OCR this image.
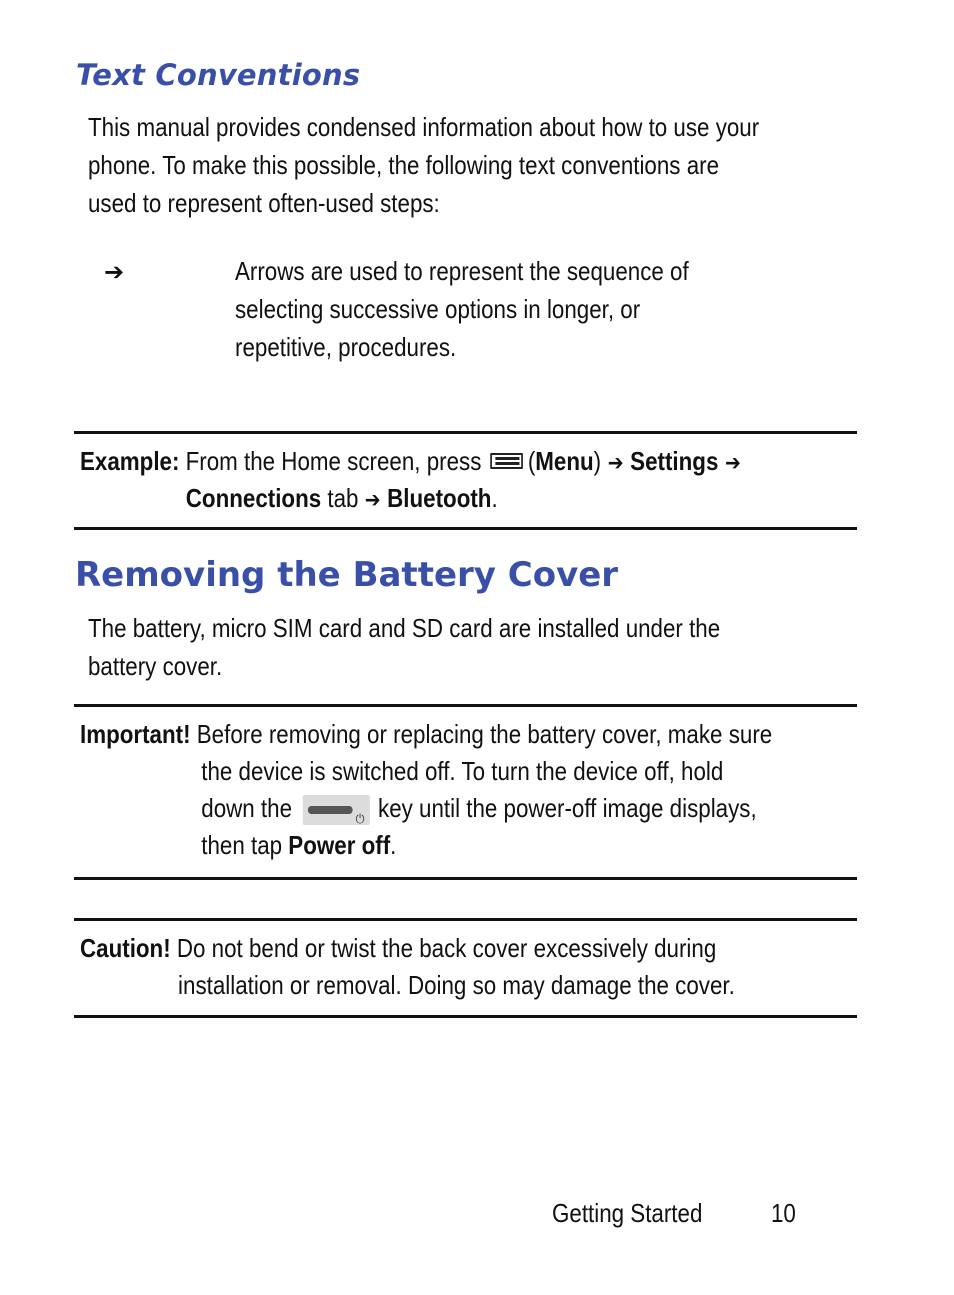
Text Conventions

This manual provides condensed information about how to use your

phone. To make this possible, the following text conventions are

used to represent often-used steps:

➔	Arrows are used to represent the sequence of

selecting successive options in longer, or

repetitive, procedures.

Example: From the Home screen, press (Menu) ➔ Settings ➔
Connections tab ➔ Bluetooth.
Removing the Battery Cover

The battery, micro SIM card and SD card are installed under the

battery cover.

Important! Before removing or replacing the battery cover, make sure
the device is switched off. To turn the device off, hold
down the	⏻ key until the power-off image displays,
then tap Power off.
Caution! Do not bend or twist the back cover excessively during
installation or removal. Doing so may damage the cover.
Getting Started	10
